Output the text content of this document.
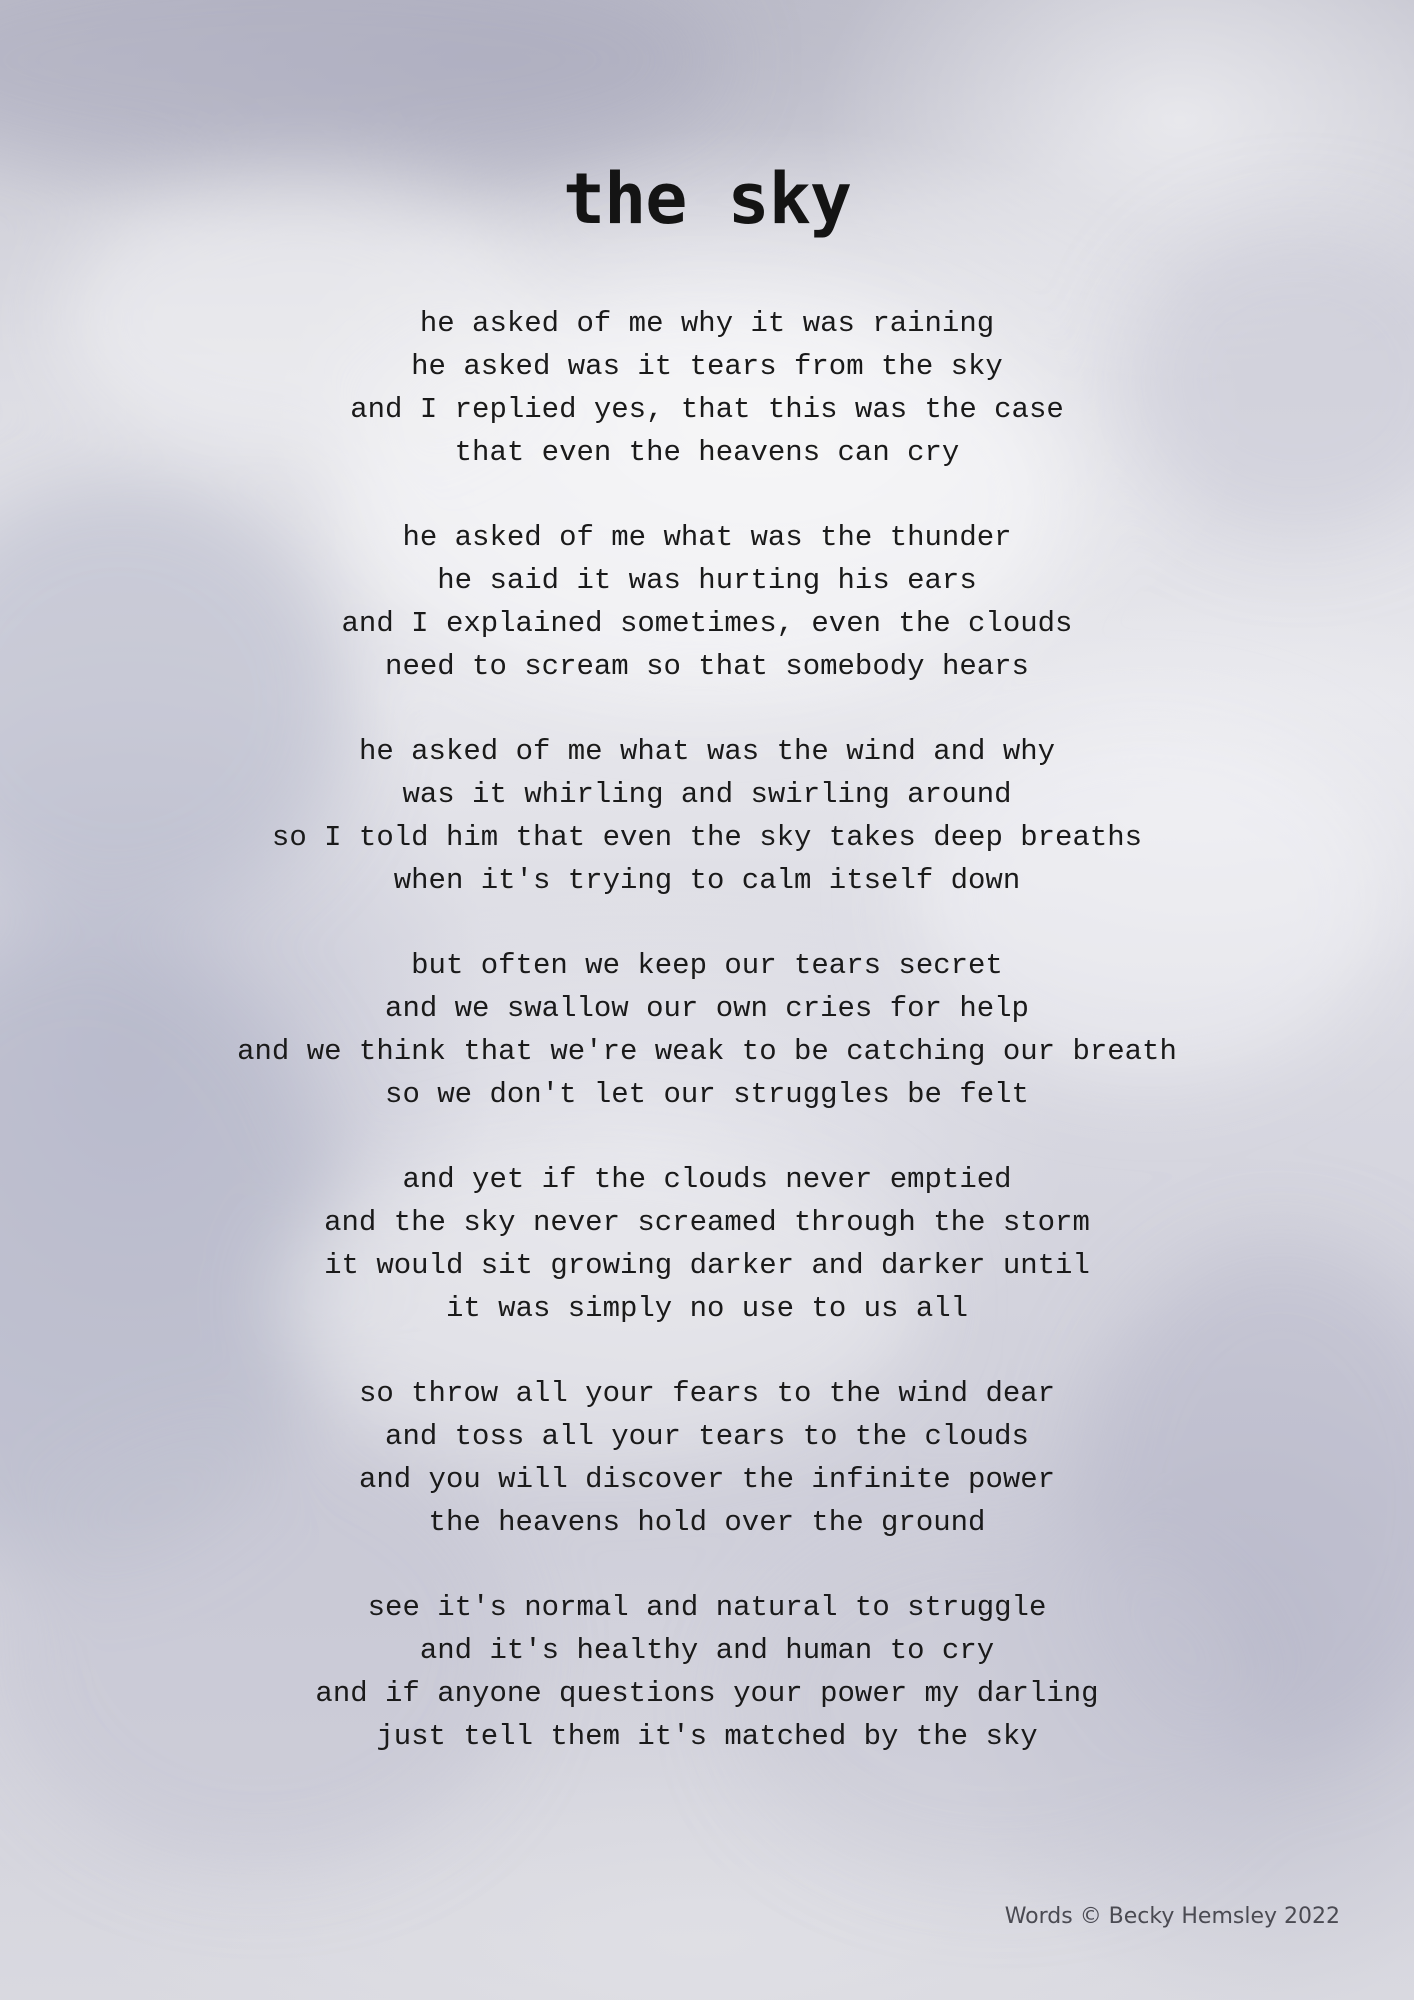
the sky
he asked of me why it was raining
he asked was it tears from the sky
and I replied yes, that this was the case
that even the heavens can cry
he asked of me what was the thunder
he said it was hurting his ears
and I explained sometimes, even the clouds
need to scream so that somebody hears
he asked of me what was the wind and why
was it whirling and swirling around
so I told him that even the sky takes deep breaths
when it's trying to calm itself down
but often we keep our tears secret
and we swallow our own cries for help
and we think that we're weak to be catching our breath
so we don't let our struggles be felt
and yet if the clouds never emptied
and the sky never screamed through the storm
it would sit growing darker and darker until
it was simply no use to us all
so throw all your fears to the wind dear
and toss all your tears to the clouds
and you will discover the infinite power
the heavens hold over the ground
see it's normal and natural to struggle
and it's healthy and human to cry
and if anyone questions your power my darling
just tell them it's matched by the sky
Words © Becky Hemsley 2022
